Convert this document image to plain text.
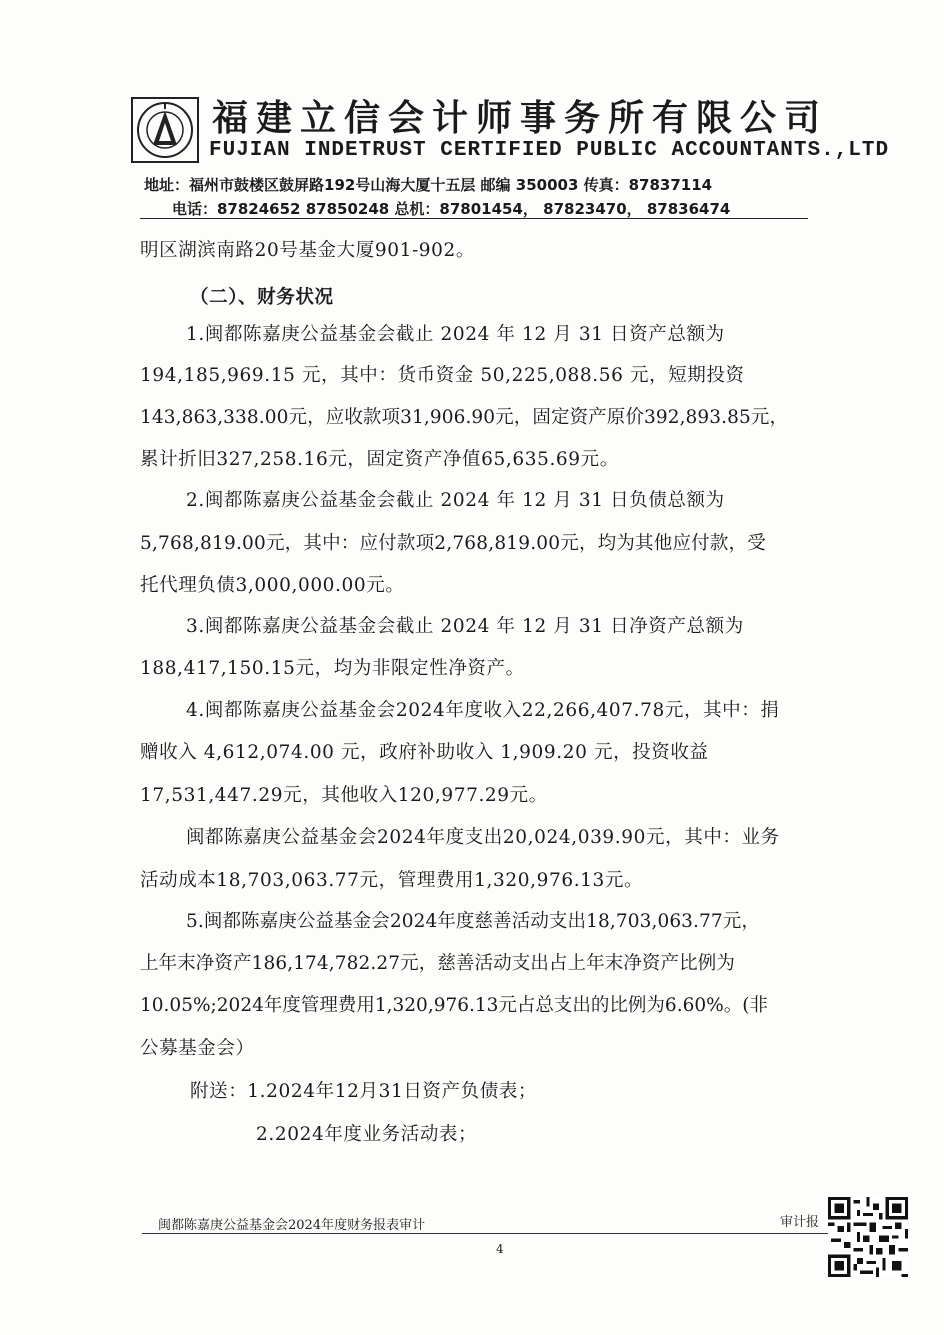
福建立信会计师事务所有限公司
FUJIAN INDETRUST CERTIFIED PUBLIC ACCOUNTANTS.,LTD
地址：福州市鼓楼区鼓屏路192号山海大厦十五层 邮编 350003 传真：87837114
电话：87824652 87850248 总机：87801454， 87823470， 87836474
明区湖滨南路20号基金大厦901-902。
（二）、财务状况
1.闽都陈嘉庚公益基金会截止 2024 年 12 月 31 日资产总额为
194,185,969.15 元，其中：货币资金 50,225,088.56 元，短期投资
143,863,338.00元，应收款项31,906.90元，固定资产原价392,893.85元，
累计折旧327,258.16元，固定资产净值65,635.69元。
2.闽都陈嘉庚公益基金会截止 2024 年 12 月 31 日负债总额为
5,768,819.00元，其中：应付款项2,768,819.00元，均为其他应付款，受
托代理负债3,000,000.00元。
3.闽都陈嘉庚公益基金会截止 2024 年 12 月 31 日净资产总额为
188,417,150.15元，均为非限定性净资产。
4.闽都陈嘉庚公益基金会2024年度收入22,266,407.78元，其中：捐
赠收入 4,612,074.00 元，政府补助收入 1,909.20 元，投资收益
17,531,447.29元，其他收入120,977.29元。
闽都陈嘉庚公益基金会2024年度支出20,024,039.90元，其中：业务
活动成本18,703,063.77元，管理费用1,320,976.13元。
5.闽都陈嘉庚公益基金会2024年度慈善活动支出18,703,063.77元，
上年末净资产186,174,782.27元，慈善活动支出占上年末净资产比例为
10.05%;2024年度管理费用1,320,976.13元占总支出的比例为6.60%。(非
公募基金会）
附送：1.2024年12月31日资产负债表；
2.2024年度业务活动表；
闽都陈嘉庚公益基金会2024年度财务报表审计	审计报
4
